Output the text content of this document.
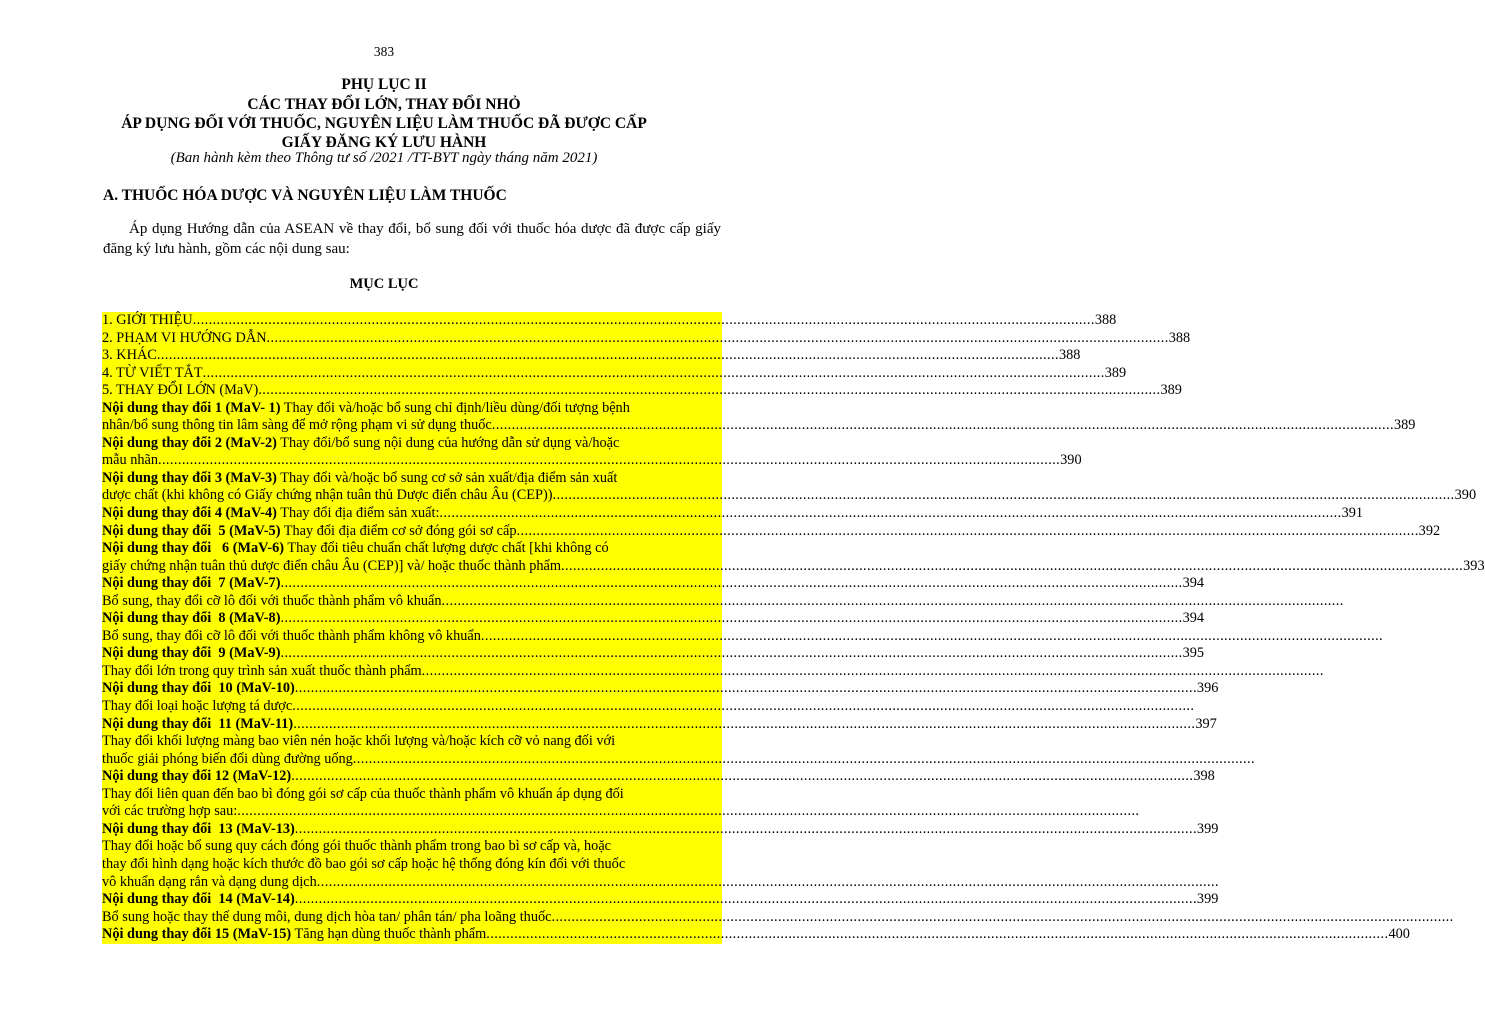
383
PHỤ LỤC II
CÁC THAY ĐỔI LỚN, THAY ĐỔI NHỎ
ÁP DỤNG ĐỐI VỚI THUỐC, NGUYÊN LIỆU LÀM THUỐC ĐÃ ĐƯỢC CẤP
GIẤY ĐĂNG KÝ LƯU HÀNH
(Ban hành kèm theo Thông tư số /2021 /TT-BYT ngày tháng năm 2021)
A. THUỐC HÓA DƯỢC VÀ NGUYÊN LIỆU LÀM THUỐC

Áp dụng Hướng dẫn của ASEAN về thay đổi, bổ sung đối với thuốc hóa dược đã được cấp giấy đăng ký lưu hành, gồm các nội dung sau:

MỤC LỤC
1. GIỚI THIỆU ................................................................................................................................................................................................................................... 388
2. PHẠM VI HƯỚNG DẪN ................................................................................................................................................................................................................................... 388
3. KHÁC ................................................................................................................................................................................................................................... 388
4. TỪ VIẾT TẮT ................................................................................................................................................................................................................................... 389
5. THAY ĐỔI LỚN (MaV) ................................................................................................................................................................................................................................... 389
Nội dung thay đổi 1 (MaV- 1) Thay đổi và/hoặc bổ sung chỉ định/liều dùng/đối tượng bệnh
nhân/bổ sung thông tin lâm sàng để mở rộng phạm vi sử dụng thuốc ................................................................................................................................................................................................................................... 389
Nội dung thay đổi 2 (MaV-2) Thay đổi/bổ sung nội dung của hướng dẫn sử dụng và/hoặc
mẫu nhãn ................................................................................................................................................................................................................................... 390
Nội dung thay đổi 3 (MaV-3) Thay đổi và/hoặc bổ sung cơ sở sản xuất/địa điểm sản xuất
dược chất (khi không có Giấy chứng nhận tuân thủ Dược điển châu Âu (CEP)) ................................................................................................................................................................................................................................... 390
Nội dung thay đổi 4 (MaV-4) Thay đổi địa điểm sản xuất: ................................................................................................................................................................................................................................... 391
Nội dung thay đổi  5 (MaV-5) Thay đổi địa điểm cơ sở đóng gói sơ cấp ................................................................................................................................................................................................................................... 392
Nội dung thay đổi   6 (MaV-6) Thay đổi tiêu chuẩn chất lượng dược chất [khi không có
giấy chứng nhận tuân thủ dược điển châu Âu (CEP)] và/ hoặc thuốc thành phẩm ................................................................................................................................................................................................................................... 393
Nội dung thay đổi  7 (MaV-7) ................................................................................................................................................................................................................................... 394
Bổ sung, thay đổi cỡ lô đối với thuốc thành phẩm vô khuẩn ...................................................................................................................................................................................................................................
Nội dung thay đổi  8 (MaV-8) ................................................................................................................................................................................................................................... 394
Bổ sung, thay đổi cỡ lô đối với thuốc thành phẩm không vô khuẩn ...................................................................................................................................................................................................................................
Nội dung thay đổi  9 (MaV-9) ................................................................................................................................................................................................................................... 395
Thay đổi lớn trong quy trình sản xuất thuốc thành phẩm ...................................................................................................................................................................................................................................
Nội dung thay đổi  10 (MaV-10) ................................................................................................................................................................................................................................... 396
Thay đổi loại hoặc lượng tá dược ...................................................................................................................................................................................................................................
Nội dung thay đổi  11 (MaV-11) ................................................................................................................................................................................................................................... 397
Thay đổi khối lượng màng bao viên nén hoặc khối lượng và/hoặc kích cỡ vỏ nang đối với
thuốc giải phóng biến đổi dùng đường uống ...................................................................................................................................................................................................................................
Nội dung thay đổi 12 (MaV-12) ................................................................................................................................................................................................................................... 398
Thay đổi liên quan đến bao bì đóng gói sơ cấp của thuốc thành phẩm vô khuẩn áp dụng đối
với các trường hợp sau: ...................................................................................................................................................................................................................................
Nội dung thay đổi  13 (MaV-13) ................................................................................................................................................................................................................................... 399
Thay đổi hoặc bổ sung quy cách đóng gói thuốc thành phẩm trong bao bì sơ cấp và, hoặc
thay đổi hình dạng hoặc kích thước đồ bao gói sơ cấp hoặc hệ thống đóng kín đối với thuốc
vô khuẩn dạng rắn và dạng dung dịch ...................................................................................................................................................................................................................................
Nội dung thay đổi  14 (MaV-14) ................................................................................................................................................................................................................................... 399
Bổ sung hoặc thay thế dung môi, dung dịch hòa tan/ phân tán/ pha loãng thuốc ...................................................................................................................................................................................................................................
Nội dung thay đổi 15 (MaV-15) Tăng hạn dùng thuốc thành phẩm ................................................................................................................................................................................................................................... 400
